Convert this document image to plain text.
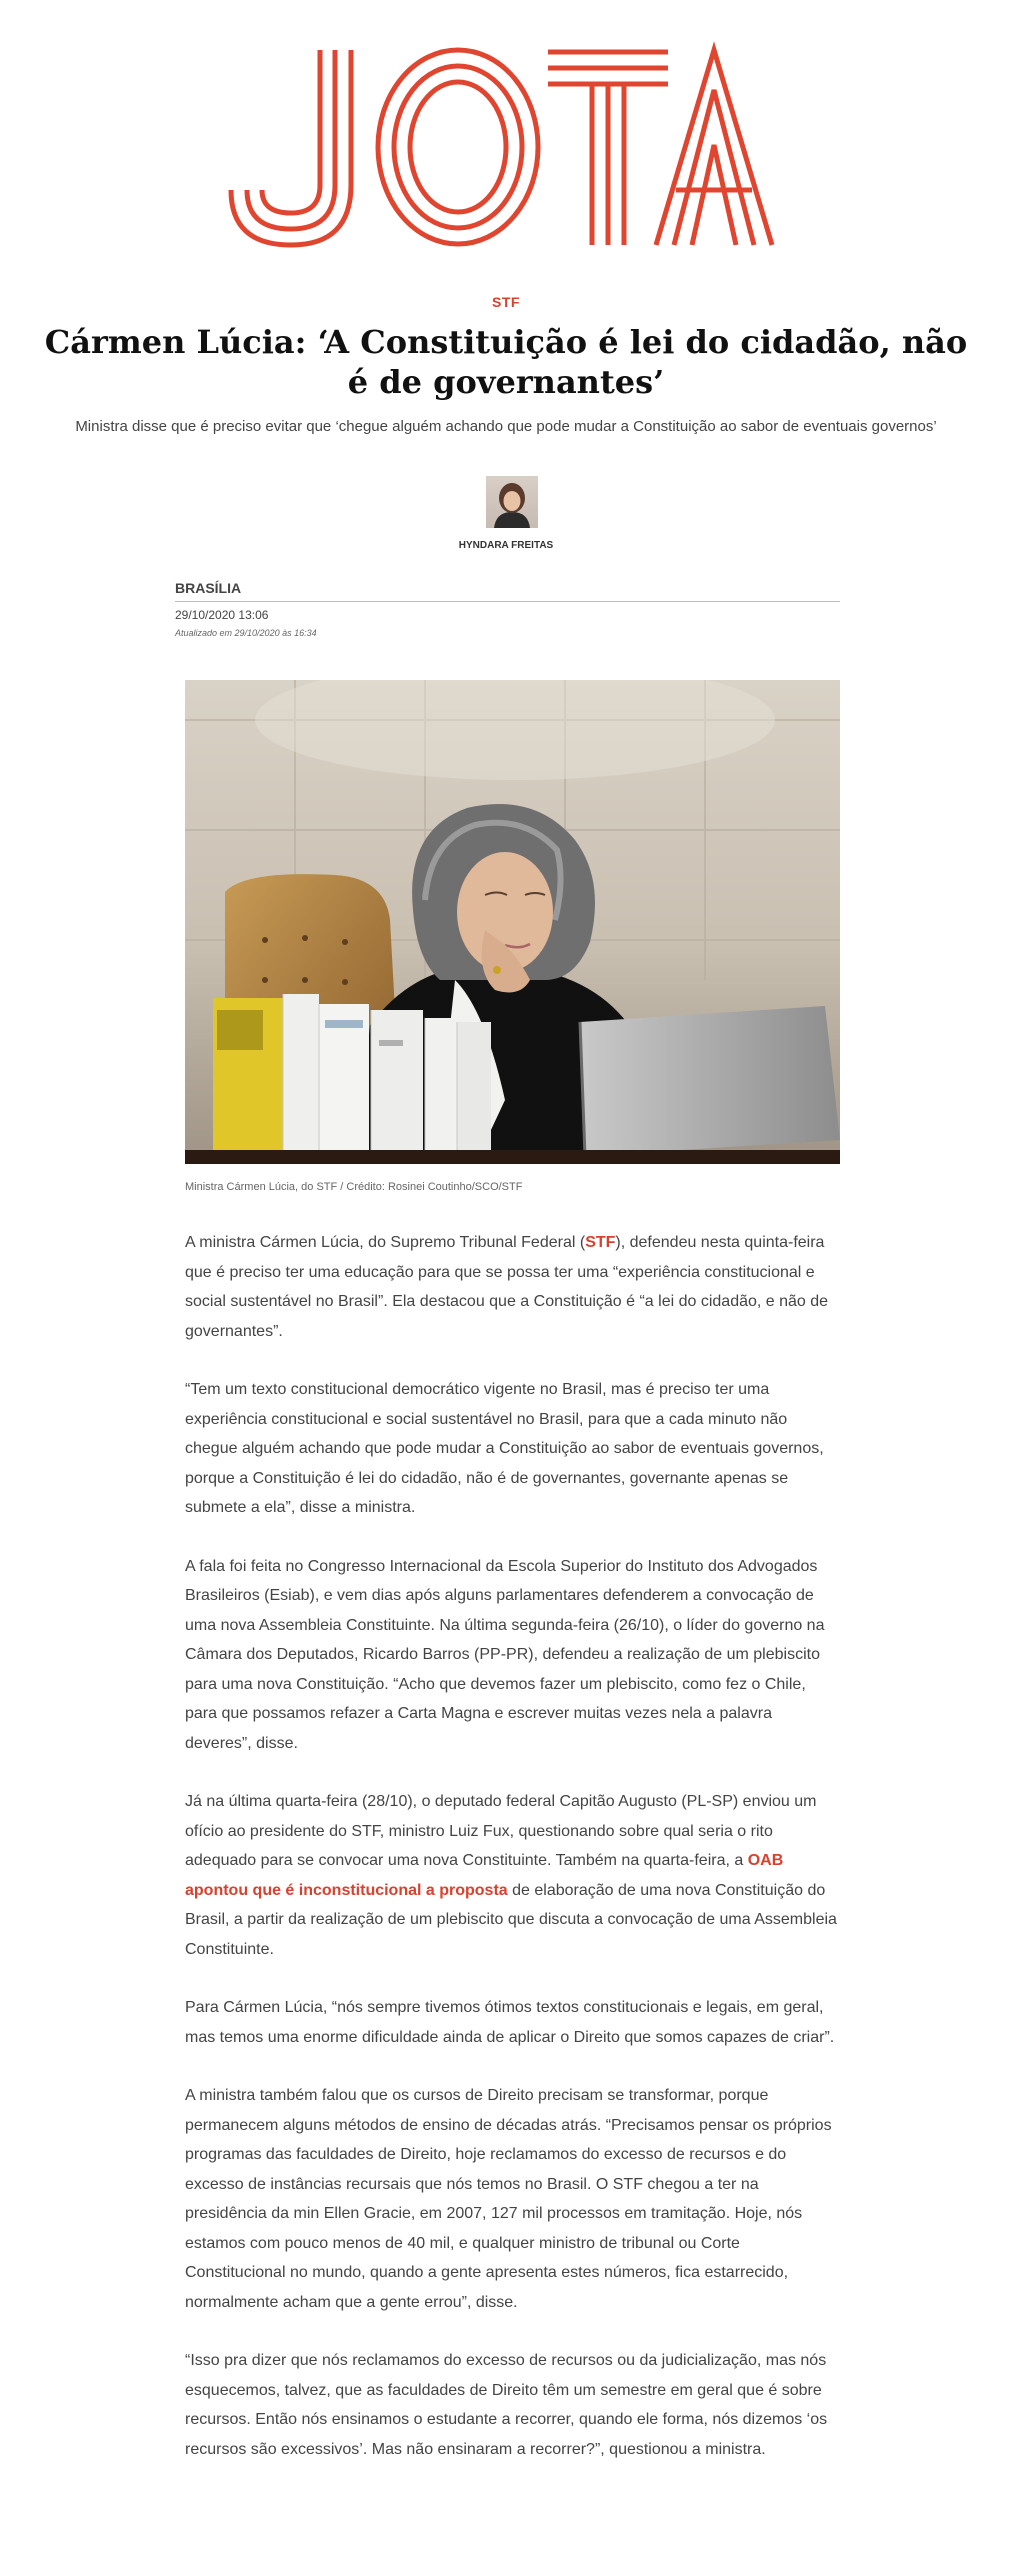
STF
Cármen Lúcia: ‘A Constituição é lei do cidadão, não é de governantes’
Ministra disse que é preciso evitar que ‘chegue alguém achando que pode mudar a Constituição ao sabor de eventuais governos’
HYNDARA FREITAS
BRASÍLIA
29/10/2020 13:06
Atualizado em 29/10/2020 às 16:34
Ministra Cármen Lúcia, do STF / Crédito: Rosinei Coutinho/SCO/STF

A ministra Cármen Lúcia, do Supremo Tribunal Federal (STF), defendeu nesta quinta-feira que é preciso ter uma educação para que se possa ter uma “experiência constitucional e social sustentável no Brasil”. Ela destacou que a Constituição é “a lei do cidadão, e não de governantes”.

“Tem um texto constitucional democrático vigente no Brasil, mas é preciso ter uma experiência constitucional e social sustentável no Brasil, para que a cada minuto não chegue alguém achando que pode mudar a Constituição ao sabor de eventuais governos, porque a Constituição é lei do cidadão, não é de governantes, governante apenas se submete a ela”, disse a ministra.

A fala foi feita no Congresso Internacional da Escola Superior do Instituto dos Advogados Brasileiros (Esiab), e vem dias após alguns parlamentares defenderem a convocação de uma nova Assembleia Constituinte. Na última segunda-feira (26/10), o líder do governo na Câmara dos Deputados, Ricardo Barros (PP-PR), defendeu a realização de um plebiscito para uma nova Constituição. “Acho que devemos fazer um plebiscito, como fez o Chile, para que possamos refazer a Carta Magna e escrever muitas vezes nela a palavra deveres”, disse.

Já na última quarta-feira (28/10), o deputado federal Capitão Augusto (PL-SP) enviou um ofício ao presidente do STF, ministro Luiz Fux, questionando sobre qual seria o rito adequado para se convocar uma nova Constituinte. Também na quarta-feira, a OAB apontou que é inconstitucional a proposta de elaboração de uma nova Constituição do Brasil, a partir da realização de um plebiscito que discuta a convocação de uma Assembleia Constituinte.

Para Cármen Lúcia, “nós sempre tivemos ótimos textos constitucionais e legais, em geral, mas temos uma enorme dificuldade ainda de aplicar o Direito que somos capazes de criar”.

A ministra também falou que os cursos de Direito precisam se transformar, porque permanecem alguns métodos de ensino de décadas atrás. “Precisamos pensar os próprios programas das faculdades de Direito, hoje reclamamos do excesso de recursos e do excesso de instâncias recursais que nós temos no Brasil. O STF chegou a ter na presidência da min Ellen Gracie, em 2007, 127 mil processos em tramitação. Hoje, nós estamos com pouco menos de 40 mil, e qualquer ministro de tribunal ou Corte Constitucional no mundo, quando a gente apresenta estes números, fica estarrecido, normalmente acham que a gente errou”, disse.

“Isso pra dizer que nós reclamamos do excesso de recursos ou da judicialização, mas nós esquecemos, talvez, que as faculdades de Direito têm um semestre em geral que é sobre recursos. Então nós ensinamos o estudante a recorrer, quando ele forma, nós dizemos ‘os recursos são excessivos’. Mas não ensinaram a recorrer?”, questionou a ministra.
